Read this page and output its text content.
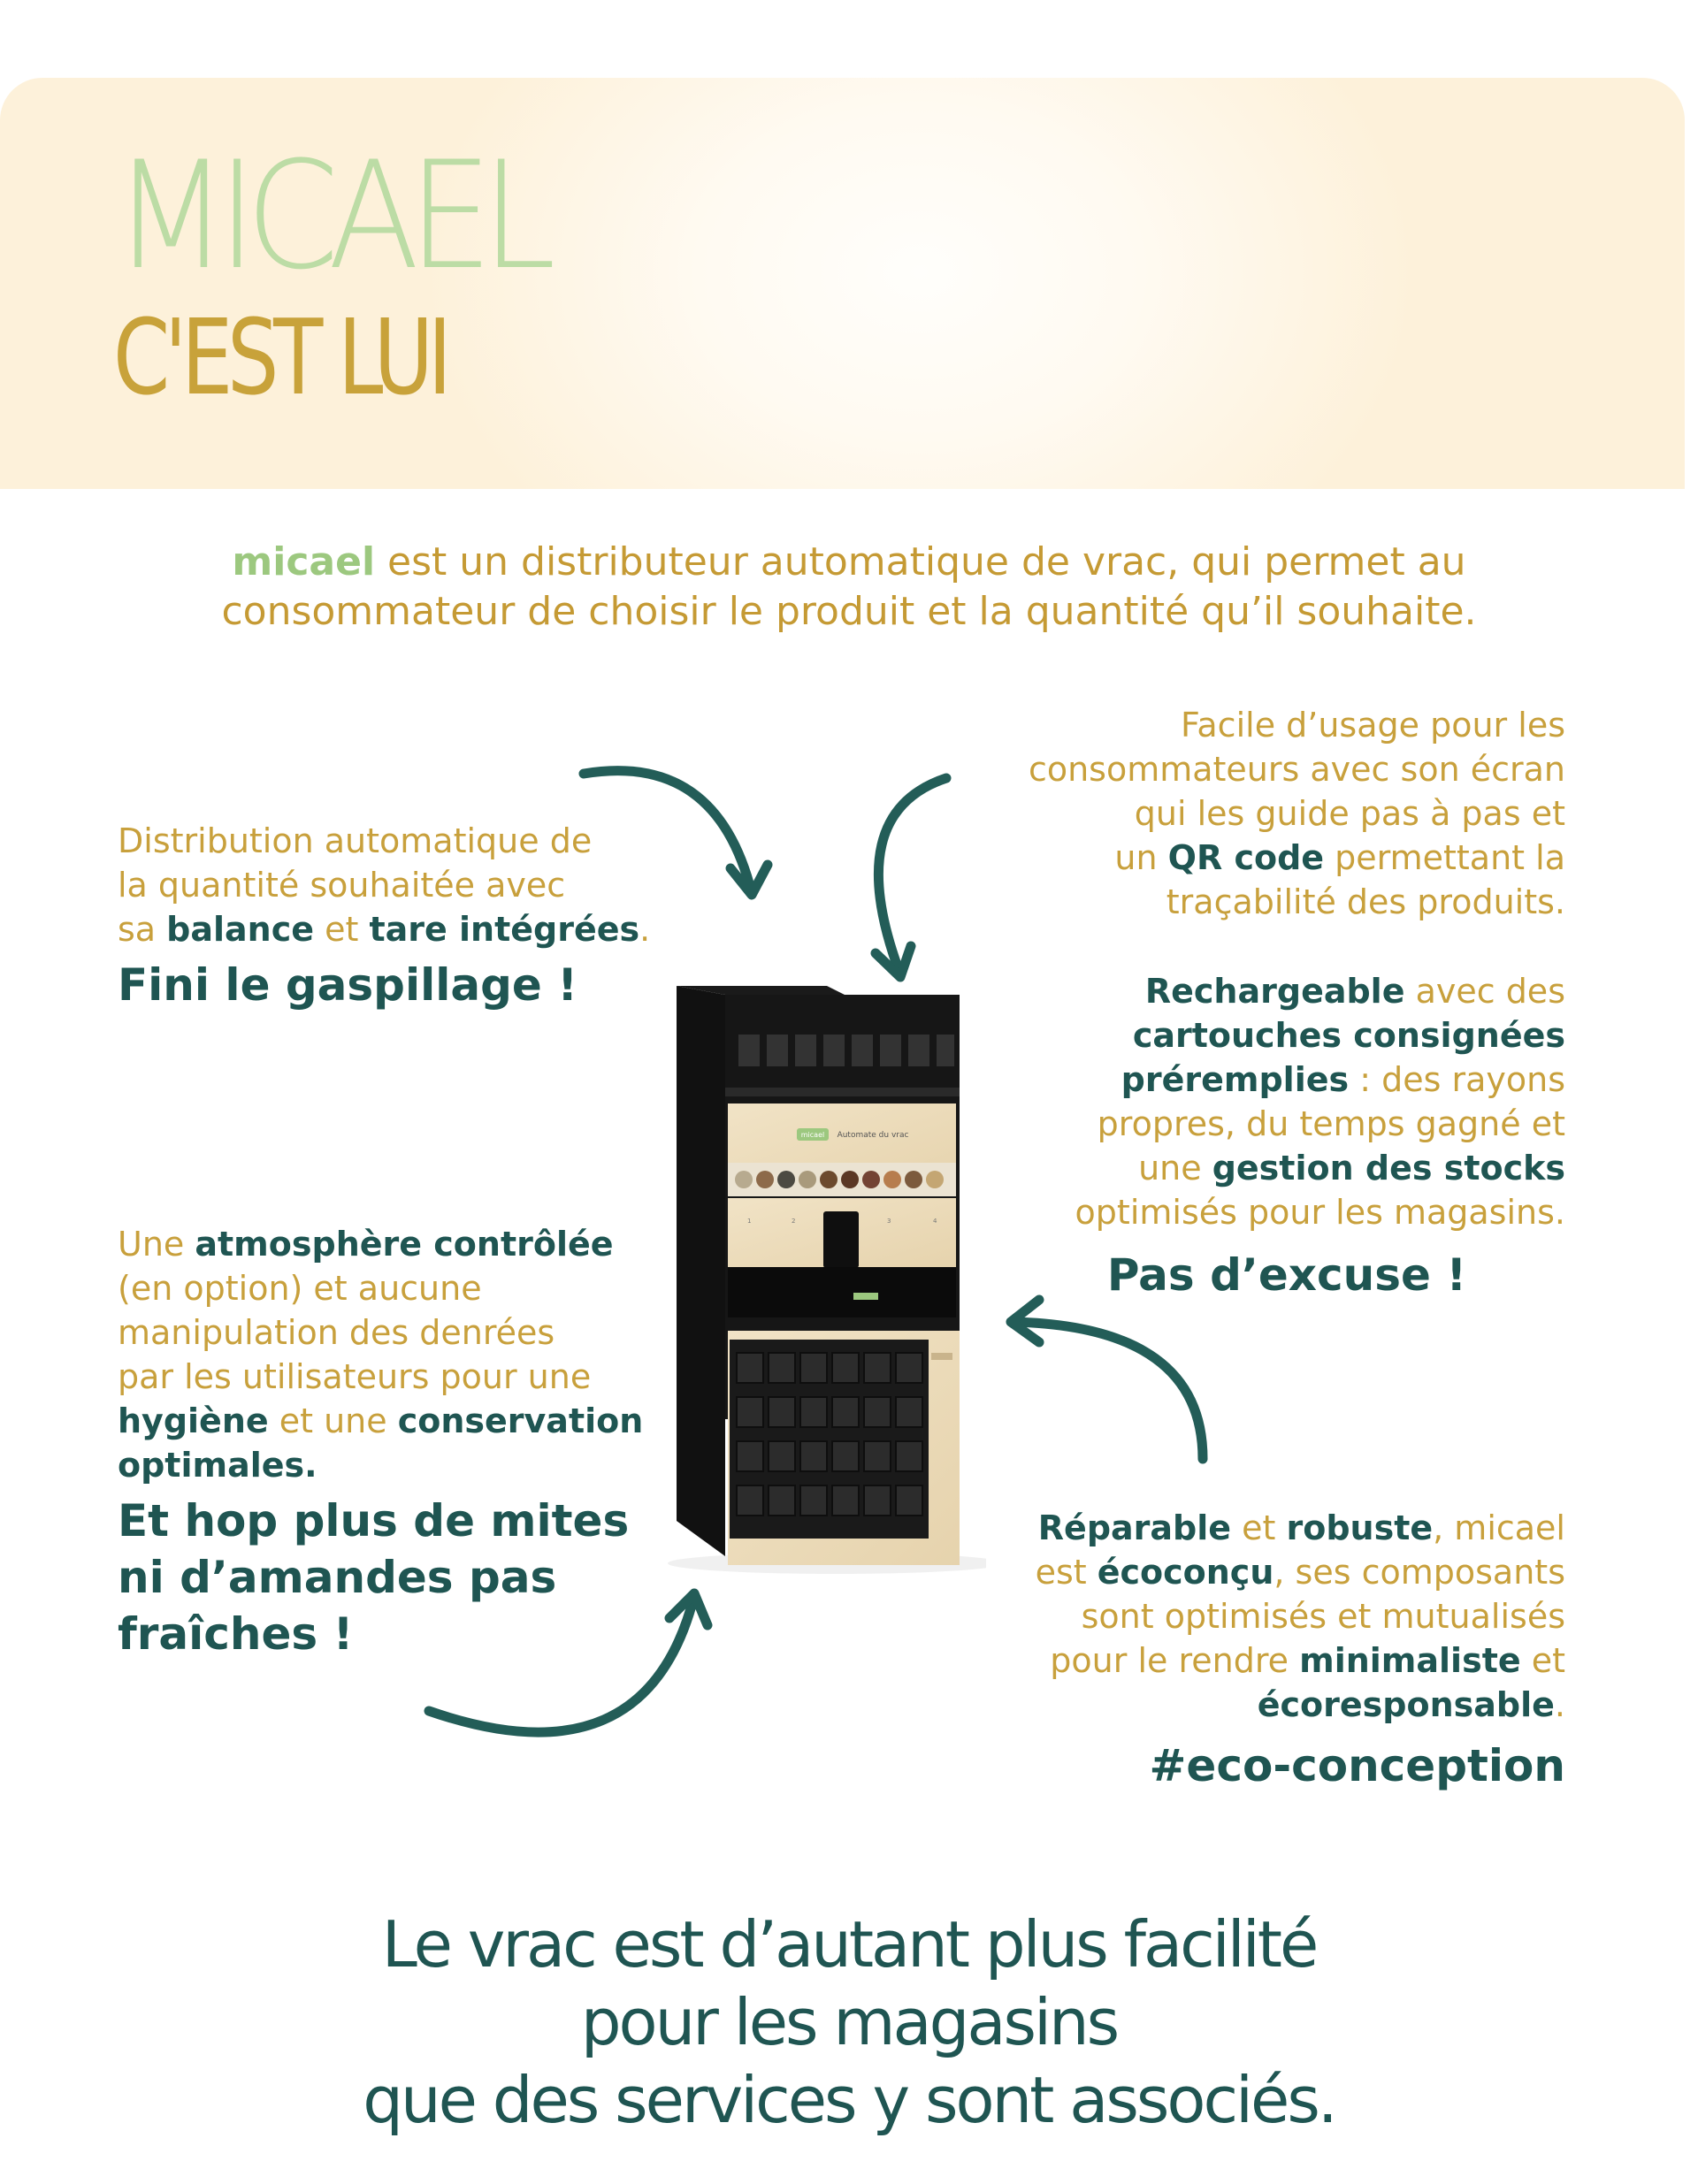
MICAEL
C'EST LUI

micael est un distributeur automatique de vrac, qui permet au
consommateur de choisir le produit et la quantité qu’il souhaite.

Distribution automatique de
la quantité souhaitée avec
sa balance et tare intégrées.
Fini le gaspillage !
Facile d’usage pour les
consommateurs avec son écran
qui les guide pas à pas et
un QR code permettant la
traçabilité des produits.
Rechargeable avec des
cartouches consignées
préremplies : des rayons
propres, du temps gagné et
une gestion des stocks
optimisés pour les magasins.
Pas d’excuse !
Une atmosphère contrôlée
(en option) et aucune
manipulation des denrées
par les utilisateurs pour une
hygiène et une conservation
optimales.
Et hop plus de mites
ni d’amandes pas
fraîches !
Réparable et robuste, micael
est écoconçu, ses composants
sont optimisés et mutualisés
pour le rendre minimaliste et
écoresponsable.
#eco-conception
micael Automate du vrac
1	2	3	4

Le vrac est d’autant plus facilité
pour les magasins
que des services y sont associés.
